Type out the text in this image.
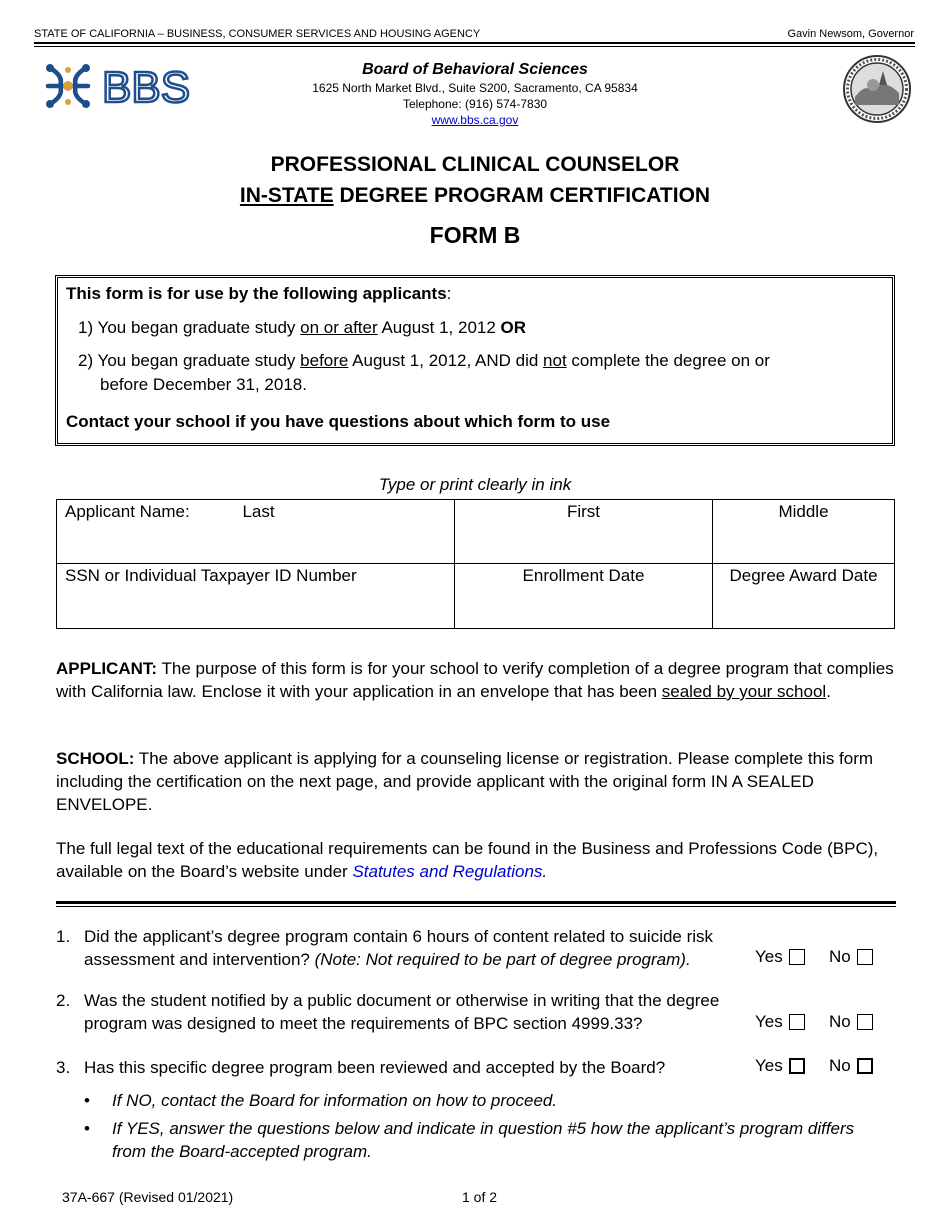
STATE OF CALIFORNIA – BUSINESS, CONSUMER SERVICES AND HOUSING AGENCY	Gavin Newsom, Governor
BBS	Board of Behavioral Sciences
1625 North Market Blvd., Suite S200, Sacramento, CA 95834
Telephone: (916) 574-7830
www.bbs.ca.gov
PROFESSIONAL CLINICAL COUNSELOR
IN-STATE DEGREE PROGRAM CERTIFICATION
FORM B
This form is for use by the following applicants:
1) You began graduate study on or after August 1, 2012 OR
2) You began graduate study before August 1, 2012, AND did not complete the degree on or
before December 31, 2018.
Contact your school if you have questions about which form to use
Type or print clearly in ink
Applicant Name: Last	First	Middle
SSN or Individual Taxpayer ID Number	Enrollment Date	Degree Award Date
APPLICANT: The purpose of this form is for your school to verify completion of a degree program that complies with California law. Enclose it with your application in an envelope that has been sealed by your school.
SCHOOL: The above applicant is applying for a counseling license or registration. Please complete this form including the certification on the next page, and provide applicant with the original form IN A SEALED ENVELOPE.
The full legal text of the educational requirements can be found in the Business and Professions Code (BPC), available on the Board’s website under Statutes and Regulations.
1. Did the applicant’s degree program contain 6 hours of content related to suicide risk
assessment and intervention? (Note: Not required to be part of degree program).	Yes	No
2. Was the student notified by a public document or otherwise in writing that the degree
program was designed to meet the requirements of BPC section 4999.33?	Yes	No
3. Has this specific degree program been reviewed and accepted by the Board?	Yes	No
• If NO, contact the Board for information on how to proceed.
• If YES, answer the questions below and indicate in question #5 how the applicant’s program differs from the Board-accepted program.
37A-667 (Revised 01/2021)	1 of 2
